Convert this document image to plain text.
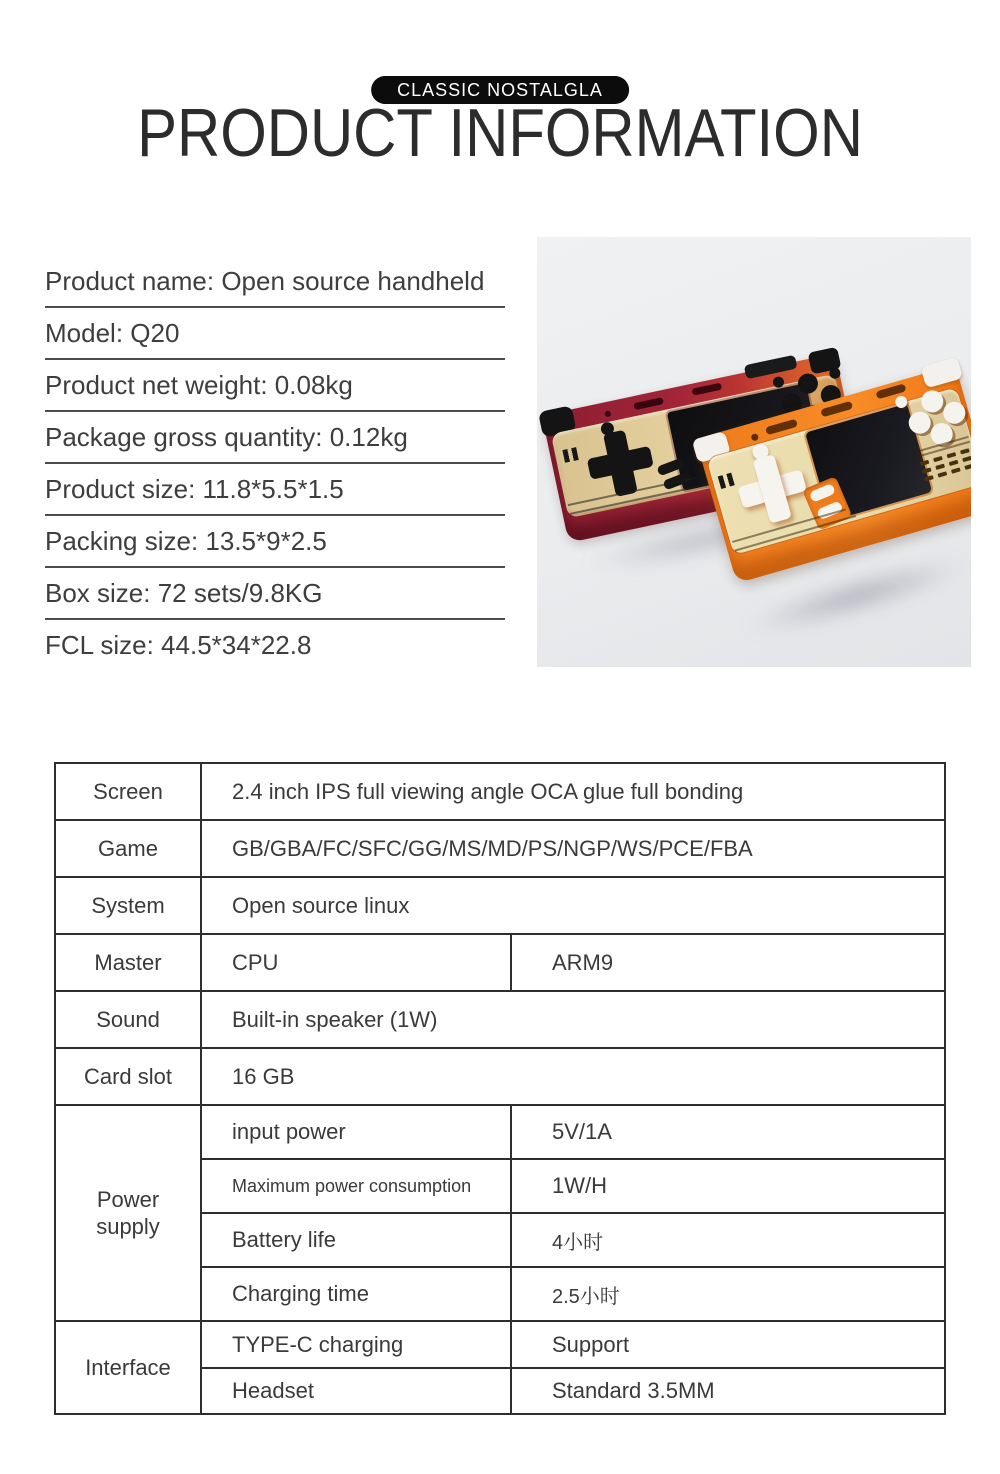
CLASSIC NOSTALGLA
PRODUCT INFORMATION
Product name: Open source handheld
Model: Q20
Product net weight: 0.08kg
Package gross quantity: 0.12kg
Product size: 11.8*5.5*1.5
Packing size: 13.5*9*2.5
Box size: 72 sets/9.8KG
FCL size: 44.5*34*22.8
Screen	2.4 inch IPS full viewing angle OCA glue full bonding	
Game	GB/GBA/FC/SFC/GG/MS/MD/PS/NGP/WS/PCE/FBA	
System	Open source linux	
Master	CPU	ARM9
Sound	Built-in speaker (1W)	
Card slot	16 GB	
Power supply	input power	5V/1A
	Maximum power consumption	1W/H
	Battery life	4小时
	Charging time	2.5小时
Interface	TYPE-C charging	Support
	Headset	Standard 3.5MM
